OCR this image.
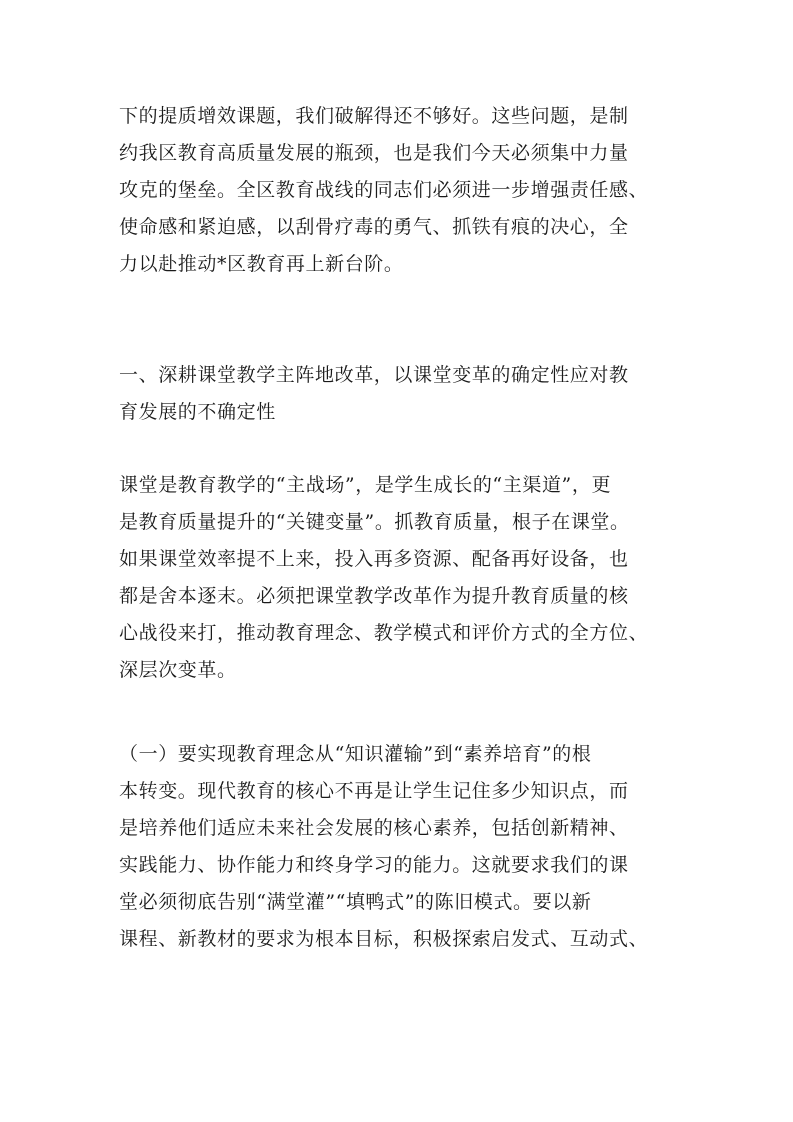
下的提质增效课题，我们破解得还不够好。这些问题，是制
约我区教育高质量发展的瓶颈，也是我们今天必须集中力量
攻克的堡垒。全区教育战线的同志们必须进一步增强责任感、
使命感和紧迫感，以刮骨疗毒的勇气、抓铁有痕的决心，全
力以赴推动*区教育再上新台阶。
一、深耕课堂教学主阵地改革，以课堂变革的确定性应对教
育发展的不确定性
课堂是教育教学的“主战场”，是学生成长的“主渠道”，更
是教育质量提升的“关键变量”。抓教育质量，根子在课堂。
如果课堂效率提不上来，投入再多资源、配备再好设备，也
都是舍本逐末。必须把课堂教学改革作为提升教育质量的核
心战役来打，推动教育理念、教学模式和评价方式的全方位、
深层次变革。
（一）要实现教育理念从“知识灌输”到“素养培育”的根
本转变。现代教育的核心不再是让学生记住多少知识点，而
是培养他们适应未来社会发展的核心素养，包括创新精神、
实践能力、协作能力和终身学习的能力。这就要求我们的课
堂必须彻底告别“满堂灌”“填鸭式”的陈旧模式。要以新
课程、新教材的要求为根本目标，积极探索启发式、互动式、
